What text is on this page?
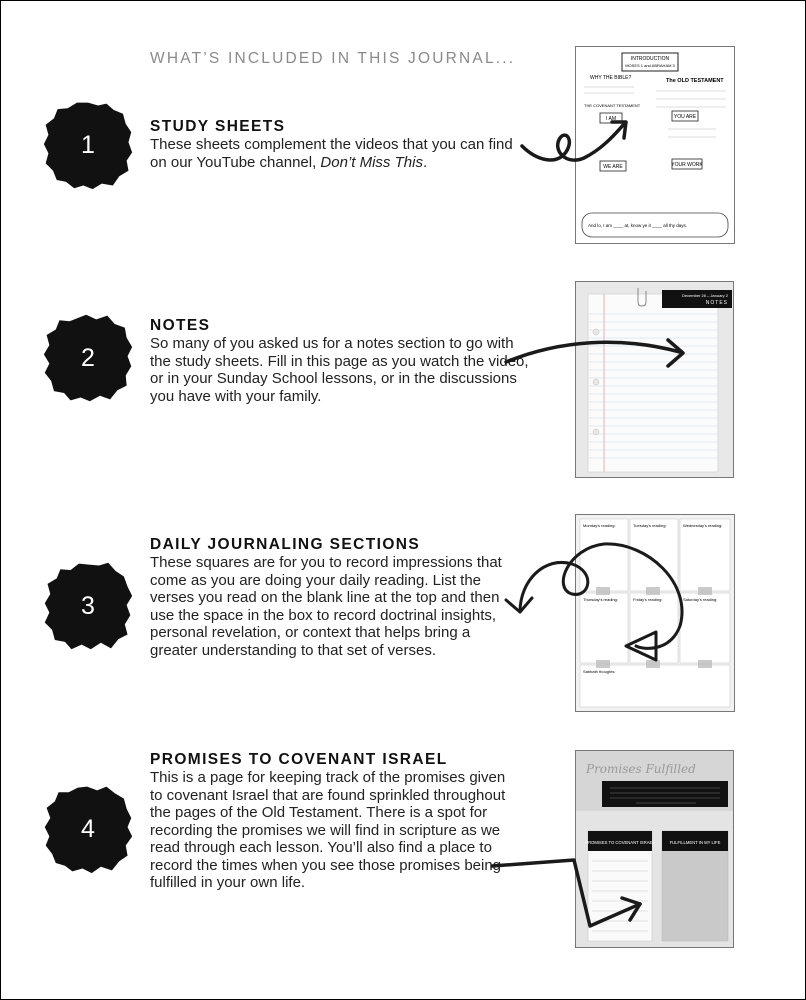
WHAT’S INCLUDED IN THIS JOURNAL...
1
2
3
4
STUDY SHEETS

These sheets complement the videos that you can find on our YouTube channel, Don’t Miss This.

NOTES

So many of you asked us for a notes section to go with the study sheets. Fill in this page as you watch the video, or in your Sunday School lessons, or in the discussions you have with your family.

DAILY JOURNALING SECTIONS

These squares are for you to record impressions that come as you are doing your daily reading. List the verses you read on the blank line at the top and then use the space in the box to record doctrinal insights, personal revelation, or context that helps bring a greater understanding to that set of verses.

PROMISES TO COVENANT ISRAEL

This is a page for keeping track of the promises given to covenant Israel that are found sprinkled throughout the pages of the Old Testament. There is a spot for recording the promises we will find in scripture as we read through each lesson. You’ll also find a place to record the times when you see those promises being fulfilled in your own life.

INTRODUCTION
MOSES 1 and ABRAHAM 3
WHY THE BIBLE?	The OLD TESTAMENT
THE COVENANT TESTAMENT
I AM	YOU ARE
WE ARE	YOUR WORK
And lo, I am ____ at, know ye it ____ all thy days.
December 26 – January 2
NOTES
Monday's reading:	Tuesday's reading:	Wednesday's reading:
Thursday's reading:	Friday's reading:	Saturday's reading:
Sabbath thoughts:
Promises Fulfilled
PROMISES TO COVENANT ISRAEL	FULFILLMENT IN MY LIFE
